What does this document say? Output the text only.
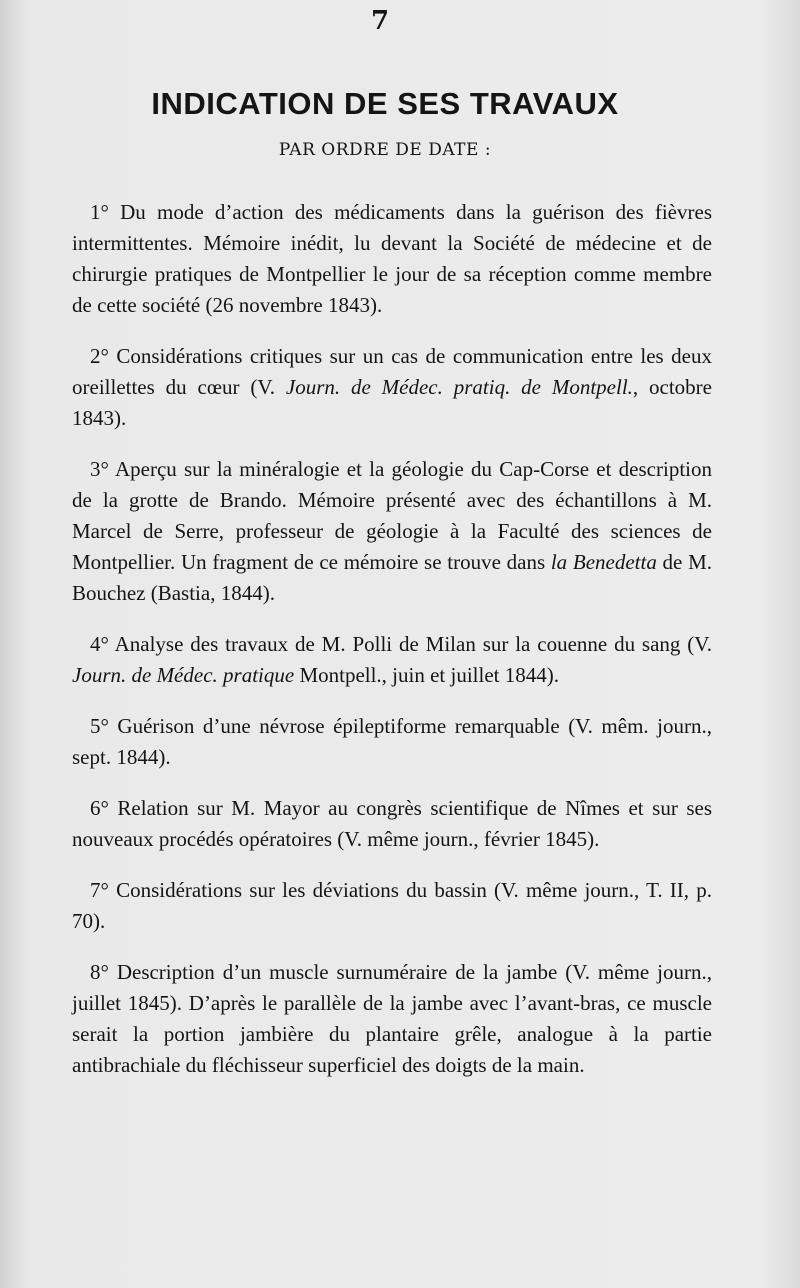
7
INDICATION DE SES TRAVAUX
PAR ORDRE DE DATE :

1° Du mode d’action des médicaments dans la guérison des fièvres intermittentes. Mémoire inédit, lu devant la Société de médecine et de chirurgie pratiques de Montpellier le jour de sa réception comme membre de cette société (26 novembre 1843).

2° Considérations critiques sur un cas de communication entre les deux oreillettes du cœur (V. Journ. de Médec. pratiq. de Montpell., octobre 1843).

3° Aperçu sur la minéralogie et la géologie du Cap-Corse et description de la grotte de Brando. Mémoire présenté avec des échantillons à M. Marcel de Serre, professeur de géologie à la Faculté des sciences de Montpellier. Un fragment de ce mémoire se trouve dans la Benedetta de M. Bouchez (Bastia, 1844).

4° Analyse des travaux de M. Polli de Milan sur la couenne du sang (V. Journ. de Médec. pratique Montpell., juin et juillet 1844).

5° Guérison d’une névrose épileptiforme remarquable (V. mêm. journ., sept. 1844).

6° Relation sur M. Mayor au congrès scientifique de Nîmes et sur ses nouveaux procédés opératoires (V. même journ., février 1845).

7° Considérations sur les déviations du bassin (V. même journ., T. II, p. 70).

8° Description d’un muscle surnuméraire de la jambe (V. même journ., juillet 1845). D’après le parallèle de la jambe avec l’avant-bras, ce muscle serait la portion jambière du plantaire grêle, analogue à la partie antibrachiale du fléchisseur superficiel des doigts de la main.
